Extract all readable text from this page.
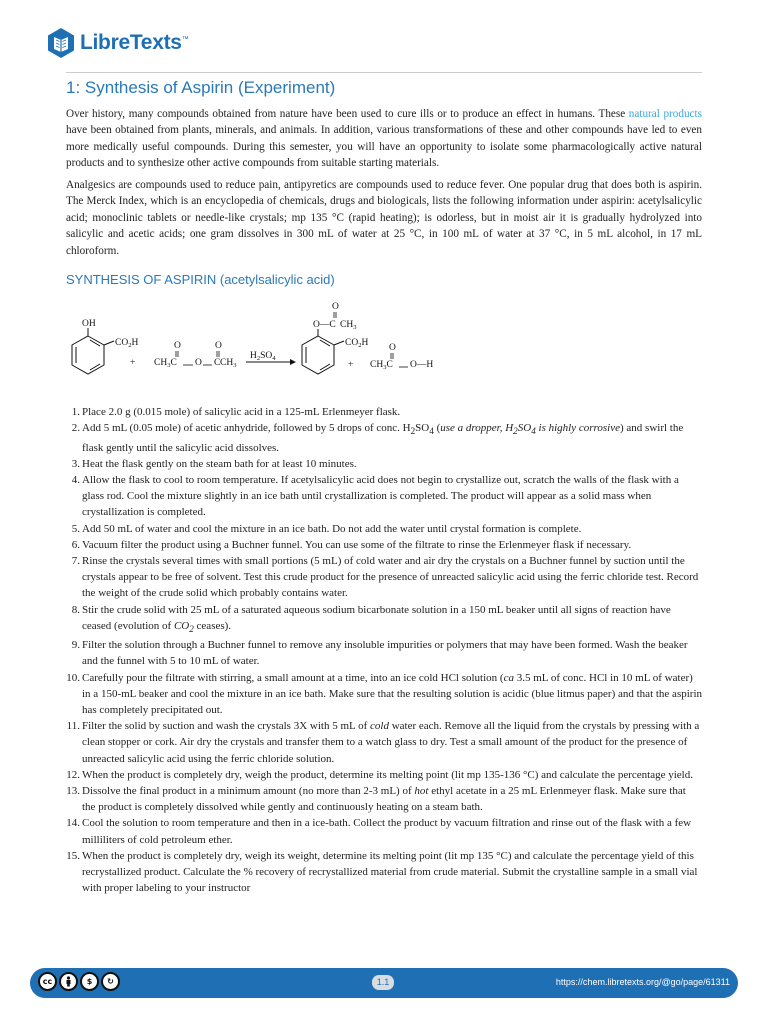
LibreTexts™
1: Synthesis of Aspirin (Experiment)

Over history, many compounds obtained from nature have been used to cure ills or to produce an effect in humans. These natural products have been obtained from plants, minerals, and animals. In addition, various transformations of these and other compounds have led to even more medically useful compounds. During this semester, you will have an opportunity to isolate some pharmacologically active natural products and to synthesize other active compounds from suitable starting materials.

Analgesics are compounds used to reduce pain, antipyretics are compounds used to reduce fever. One popular drug that does both is aspirin. The Merck Index, which is an encyclopedia of chemicals, drugs and biologicals, lists the following information under aspirin: acetylsalicylic acid; monoclinic tablets or needle-like crystals; mp 135 °C (rapid heating); is odorless, but in moist air it is gradually hydrolyzed into salicylic and acetic acids; one gram dissolves in 300 mL of water at 25 °C, in 100 mL of water at 37 °C, in 5 mL alcohol, in 17 mL chloroform.

SYNTHESIS OF ASPIRIN (acetylsalicylic acid)
OH
$CO_2H$
+ $CH_3C$ O C $CH_3$
O	O
$H_2SO_4$
O—C $CH_3$
O
$CO_2H$
+ $CH_3C$ O—H
O
1. Place 2.0 g (0.015 mole) of salicylic acid in a 125-mL Erlenmeyer flask.
2. Add 5 mL (0.05 mole) of acetic anhydride, followed by 5 drops of conc. $H_2SO_4$ (use a dropper, $H_2SO_4$ is highly corrosive) and swirl the flask gently until the salicylic acid dissolves.
3. Heat the flask gently on the steam bath for at least 10 minutes.
4. Allow the flask to cool to room temperature. If acetylsalicylic acid does not begin to crystallize out, scratch the walls of the flask with a glass rod. Cool the mixture slightly in an ice bath until crystallization is completed. The product will appear as a solid mass when crystallization is completed.
5. Add 50 mL of water and cool the mixture in an ice bath. Do not add the water until crystal formation is complete.
6. Vacuum filter the product using a Buchner funnel. You can use some of the filtrate to rinse the Erlenmeyer flask if necessary.
7. Rinse the crystals several times with small portions (5 mL) of cold water and air dry the crystals on a Buchner funnel by suction until the crystals appear to be free of solvent. Test this crude product for the presence of unreacted salicylic acid using the ferric chloride test. Record the weight of the crude solid which probably contains water.
8. Stir the crude solid with 25 mL of a saturated aqueous sodium bicarbonate solution in a 150 mL beaker until all signs of reaction have ceased (evolution of $CO_2$ ceases).
9. Filter the solution through a Buchner funnel to remove any insoluble impurities or polymers that may have been formed. Wash the beaker and the funnel with 5 to 10 mL of water.
10. Carefully pour the filtrate with stirring, a small amount at a time, into an ice cold HCl solution (ca 3.5 mL of conc. HCl in 10 mL of water) in a 150-mL beaker and cool the mixture in an ice bath. Make sure that the resulting solution is acidic (blue litmus paper) and that the aspirin has completely precipitated out.
11. Filter the solid by suction and wash the crystals 3X with 5 mL of cold water each. Remove all the liquid from the crystals by pressing with a clean stopper or cork. Air dry the crystals and transfer them to a watch glass to dry. Test a small amount of the product for the presence of unreacted salicylic acid using the ferric chloride solution.
12. When the product is completely dry, weigh the product, determine its melting point (lit mp 135-136 °C) and calculate the percentage yield.
13. Dissolve the final product in a minimum amount (no more than 2-3 mL) of hot ethyl acetate in a 25 mL Erlenmeyer flask. Make sure that the product is completely dissolved while gently and continuously heating on a steam bath.
14. Cool the solution to room temperature and then in a ice-bath. Collect the product by vacuum filtration and rinse out of the flask with a few milliliters of cold petroleum ether.
15. When the product is completely dry, weigh its weight, determine its melting point (lit mp 135 °C) and calculate the percentage yield of this recrystallized product. Calculate the % recovery of recrystallized material from crude material. Submit the crystalline sample in a small vial with proper labeling to your instructor
cc	$	↻	1.1	https://chem.libretexts.org/@go/page/61311
